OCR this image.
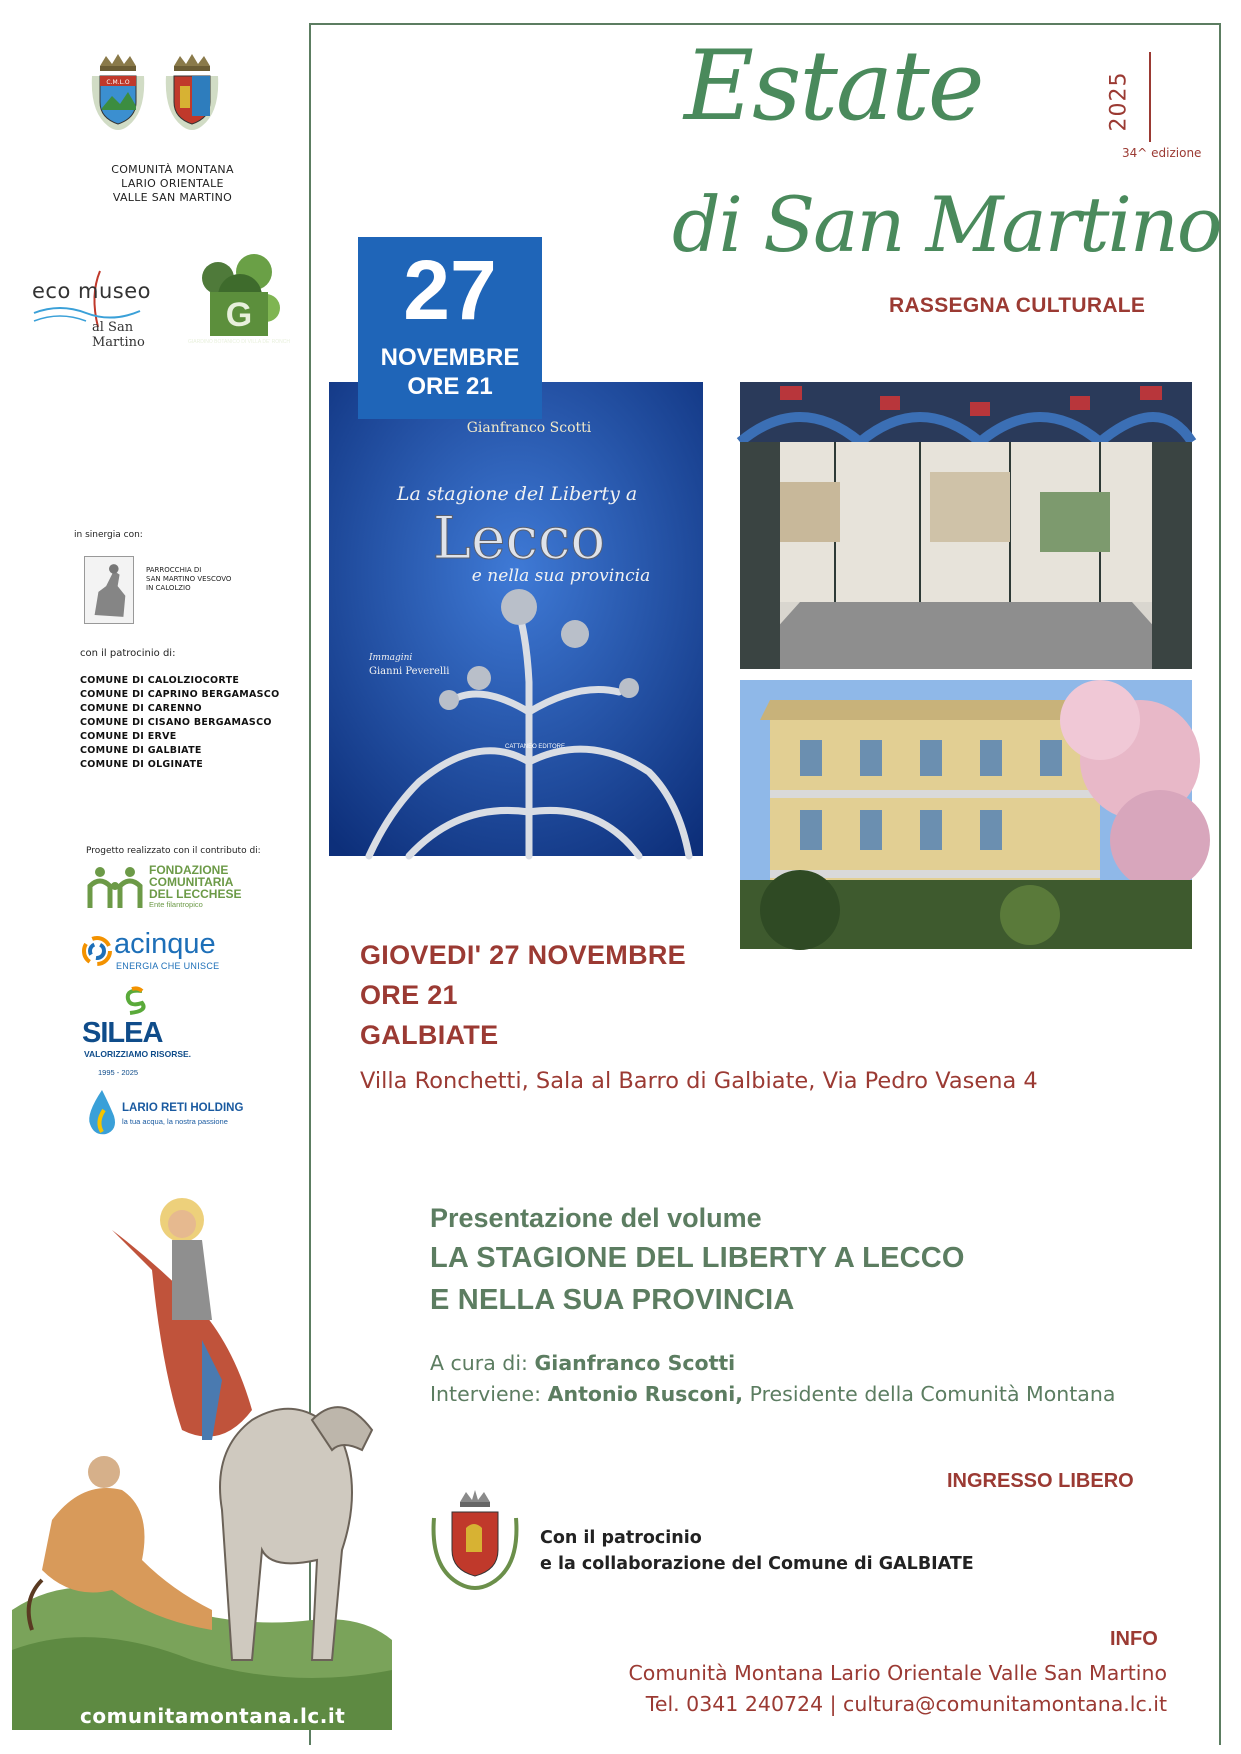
C.M.L.O
COMUNITÀ MONTANA
LARIO ORIENTALE
VALLE SAN MARTINO
eco museo
al San Martino
G
GIARDINO BOTANICO DI VILLA DE' RONCH
in sinergia con:
PARROCCHIA DI
SAN MARTINO VESCOVO
IN CALOLZIO
con il patrocinio di:
COMUNE DI CALOLZIOCORTE
COMUNE DI CAPRINO BERGAMASCO
COMUNE DI CARENNO
COMUNE DI CISANO BERGAMASCO
COMUNE DI ERVE
COMUNE DI GALBIATE
COMUNE DI OLGINATE
Progetto realizzato con il contributo di:
FONDAZIONE
COMUNITARIA
DEL LECCHESE
Ente filantropico
acinque
ENERGIA CHE UNISCE
SILEA
VALORIZZIAMO RISORSE.
1995 - 2025
LARIO RETI HOLDING
la tua acqua, la nostra passione
comunitamontana.lc.it
Estate
di San Martino
2025
34^ edizione
RASSEGNA CULTURALE
Gianfranco Scotti
La stagione del Liberty a
Lecco
e nella sua provincia
Immagini
Gianni Peverelli
CATTANEO EDITORE
27
NOVEMBRE
ORE 21
GIOVEDI' 27 NOVEMBRE
ORE 21
GALBIATE
Villa Ronchetti, Sala al Barro di Galbiate, Via Pedro Vasena 4
Presentazione del volume
LA STAGIONE DEL LIBERTY A LECCO
E NELLA SUA PROVINCIA
A cura di: Gianfranco Scotti
Interviene: Antonio Rusconi, Presidente della Comunità Montana
INGRESSO LIBERO
Con il patrocinio
e la collaborazione del Comune di GALBIATE
INFO
Comunità Montana Lario Orientale Valle San Martino
Tel. 0341 240724 | cultura@comunitamontana.lc.it
